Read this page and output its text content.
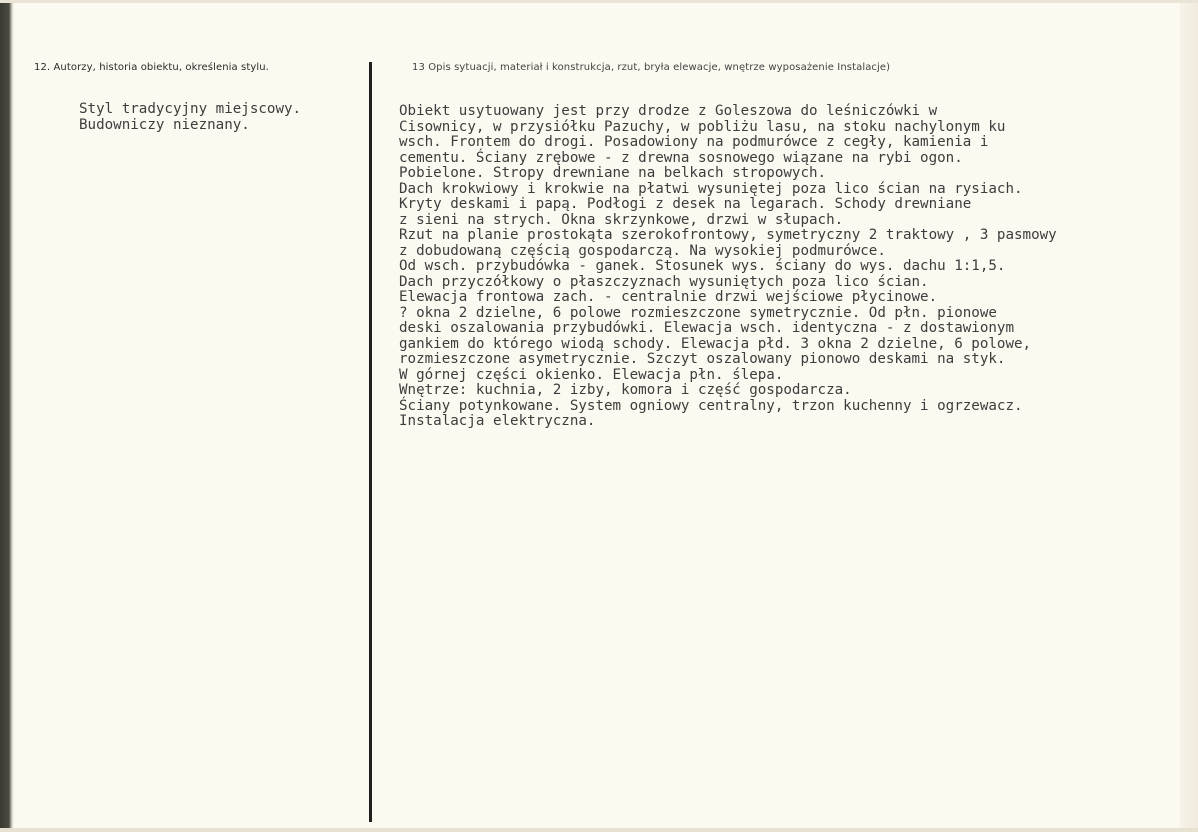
12. Autorzy, historia obiektu, określenia stylu.	13 Opis sytuacji, materiał i konstrukcja, rzut, bryła elewacje, wnętrze wyposażenie Instalacje)
Styl tradycyjny miejscowy.
Budowniczy nieznany.
Obiekt usytuowany jest przy drodze z Goleszowa do leśniczówki w
Cisownicy, w przysiółku Pazuchy, w pobliżu lasu, na stoku nachylonym ku
wsch. Frontem do drogi. Posadowiony na podmurówce z cegły, kamienia i
cementu. Ściany zrębowe - z drewna sosnowego wiązane na rybi ogon.
Pobielone. Stropy drewniane na belkach stropowych.
Dach krokwiowy i krokwie na płatwi wysuniętej poza lico ścian na rysiach.
Kryty deskami i papą. Podłogi z desek na legarach. Schody drewniane
z sieni na strych. Okna skrzynkowe, drzwi w słupach.
Rzut na planie prostokąta szerokofrontowy, symetryczny 2 traktowy , 3 pasmowy
z dobudowaną częścią gospodarczą. Na wysokiej podmurówce.
Od wsch. przybudówka - ganek. Stosunek wys. ściany do wys. dachu 1:1,5.
Dach przyczółkowy o płaszczyznach wysuniętych poza lico ścian.
Elewacja frontowa zach. - centralnie drzwi wejściowe płycinowe.
? okna 2 dzielne, 6 polowe rozmieszczone symetrycznie. Od płn. pionowe
deski oszalowania przybudówki. Elewacja wsch. identyczna - z dostawionym
gankiem do którego wiodą schody. Elewacja płd. 3 okna 2 dzielne, 6 polowe,
rozmieszczone asymetrycznie. Szczyt oszalowany pionowo deskami na styk.
W górnej części okienko. Elewacja płn. ślepa.
Wnętrze: kuchnia, 2 izby, komora i część gospodarcza.
Ściany potynkowane. System ogniowy centralny, trzon kuchenny i ogrzewacz.
Instalacja elektryczna.
